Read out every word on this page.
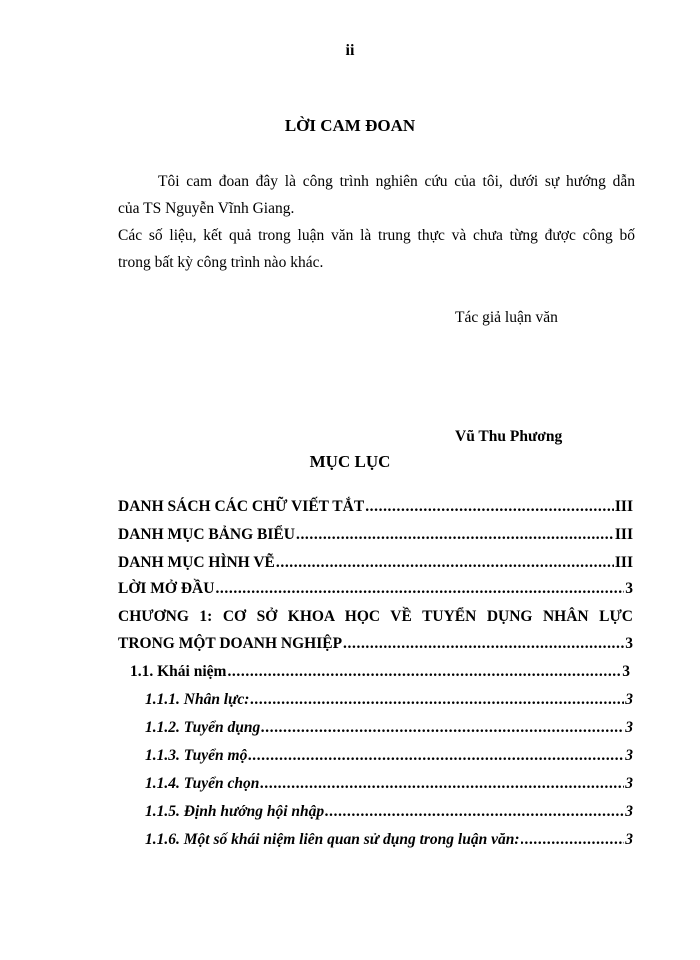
ii
LỜI CAM ĐOAN
Tôi cam đoan đây là công trình nghiên cứu của tôi, dưới sự hướng dẫn
của TS Nguyễn Vĩnh Giang.
Các số liệu, kết quả trong luận văn là trung thực và chưa từng được công bố
trong bất kỳ công trình nào khác.
Tác giả luận văn
Vũ Thu Phương
MỤC LỤC
DANH SÁCH CÁC CHỮ VIẾT TẮT .....	III
DANH MỤC BẢNG BIỂU .....	III
DANH MỤC HÌNH VẼ .....	III
LỜI MỞ ĐẦU .....	3
CHƯƠNG 1: CƠ SỞ KHOA HỌC VỀ TUYỂN DỤNG NHÂN LỰC
TRONG MỘT DOANH NGHIỆP .....	3
1.1. Khái niệm .....	3
1.1.1. Nhân lực: .....	3
1.1.2. Tuyển dụng .....	3
1.1.3. Tuyển mộ .....	3
1.1.4. Tuyển chọn .....	3
1.1.5. Định hướng hội nhập .....	3
1.1.6. Một số khái niệm liên quan sử dụng trong luận văn: .....	3
